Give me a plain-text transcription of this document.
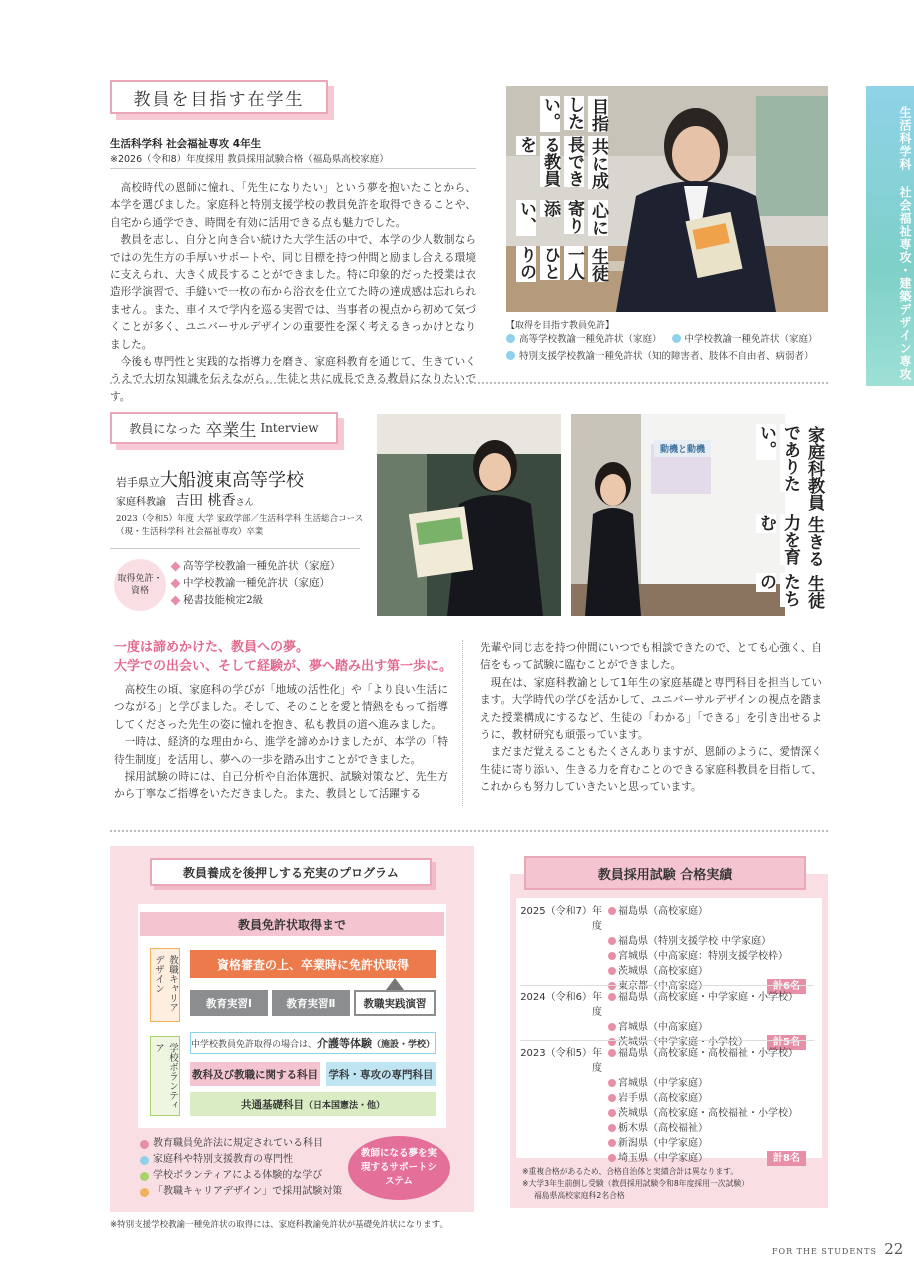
生活科学科 社会福祉専攻・建築デザイン専攻
教員を目指す在学生
生活科学科 社会福祉専攻 4年生
※2026（令和8）年度採用 教員採用試験合格（福島県高校家庭）

高校時代の恩師に憧れ、「先生になりたい」という夢を抱いたことから、本学を選びました。家庭科と特別支援学校の教員免許を取得できることや、自宅から通学でき、時間を有効に活用できる点も魅力でした。

教員を志し、自分と向き合い続けた大学生活の中で、本学の少人数制ならではの先生方の手厚いサポートや、同じ目標を持つ仲間と励まし合える環境に支えられ、大きく成長することができました。特に印象的だった授業は衣造形学演習で、手縫いで一枚の布から浴衣を仕立てた時の達成感は忘れられません。また、車イスで学内を巡る実習では、当事者の視点から初めて気づくことが多く、ユニバーサルデザインの重要性を深く考えるきっかけとなりました。

今後も専門性と実践的な指導力を磨き、家庭科教育を通じて、生きていくうえで大切な知識を伝えながら、生徒と共に成長できる教員になりたいです。

生徒一人ひとりの
心に寄り添い、
共に成長できる教員を
目指したい。
【取得を目指す教員免許】
高等学校教諭一種免許状（家庭） 中学校教諭一種免許状（家庭）
特別支援学校教諭一種免許状（知的障害者、肢体不自由者、病弱者）
教員になった 卒業生 Interview
岩手県立大船渡東高等学校
家庭科教諭 吉田 桃香さん
2023（令和5）年度 大学 家政学部／生活科学科 生活総合コース
（現・生活科学科 社会福祉専攻）卒業
取得免許・資格
高等学校教諭一種免許状（家庭）
中学校教諭一種免許状（家庭）
秘書技能検定2級
動機と動機
生徒たちの
生きる力を育む
家庭科教員でありたい。
一度は諦めかけた、教員への夢。
大学での出会い、そして経験が、夢へ踏み出す第一歩に。

高校生の頃、家庭科の学びが「地域の活性化」や「より良い生活につながる」と学びました。そして、そのことを愛と情熱をもって指導してくださった先生の姿に憧れを抱き、私も教員の道へ進みました。

一時は、経済的な理由から、進学を諦めかけましたが、本学の「特待生制度」を活用し、夢への一歩を踏み出すことができました。

採用試験の時には、自己分析や自治体選択、試験対策など、先生方から丁寧なご指導をいただきました。また、教員として活躍する

先輩や同じ志を持つ仲間にいつでも相談できたので、とても心強く、自信をもって試験に臨むことができました。

現在は、家庭科教諭として1年生の家庭基礎と専門科目を担当しています。大学時代の学びを活かして、ユニバーサルデザインの視点を踏まえた授業構成にするなど、生徒の「わかる」「できる」を引き出せるように、教材研究も頑張っています。

まだまだ覚えることもたくさんありますが、恩師のように、愛情深く生徒に寄り添い、生きる力を育むことのできる家庭科教員を目指して、これからも努力していきたいと思っています。

教員養成を後押しする充実のプログラム
教員免許状取得まで
教職キャリアデザイン
学校ボランティア
資格審査の上、卒業時に免許状取得
教育実習Ⅰ	教育実習Ⅱ	教職実践演習
中学校教員免許取得の場合は、 介護等体験 （施設・学校）
教科及び教職に関する科目 学科・専攻の専門科目
共通基礎科目 （日本国憲法・他）
教育職員免許法に規定されている科目
家庭科や特別支援教育の専門性
学校ボランティアによる体験的な学び
「教職キャリアデザイン」で採用試験対策
教師になる夢を実現するサポートシステム
※特別支援学校教諭一種免許状の取得には、家庭科教諭免許状が基礎免許状になります。
教員採用試験 合格実績
2025（令和7）年度
福島県（高校家庭）
福島県（特別支援学校 中学家庭）
宮城県（中高家庭：特別支援学校枠）
茨城県（高校家庭）
東京都（中高家庭）	計6名
2024（令和6）年度
福島県（高校家庭・中学家庭・小学校）
宮城県（中高家庭）
茨城県（中学家庭・小学校）	計5名
2023（令和5）年度
福島県（高校家庭・高校福祉・小学校）
宮城県（中学家庭）
岩手県（高校家庭）
茨城県（高校家庭・高校福祉・小学校）
栃木県（高校福祉）
新潟県（中学家庭）
埼玉県（中学家庭）	計8名
※重複合格があるため、合格自治体と実績合計は異なります。
※大学3年生前倒し受験（教員採用試験令和8年度採用一次試験）
福島県高校家庭科2名合格
FOR THE STUDENTS 22
